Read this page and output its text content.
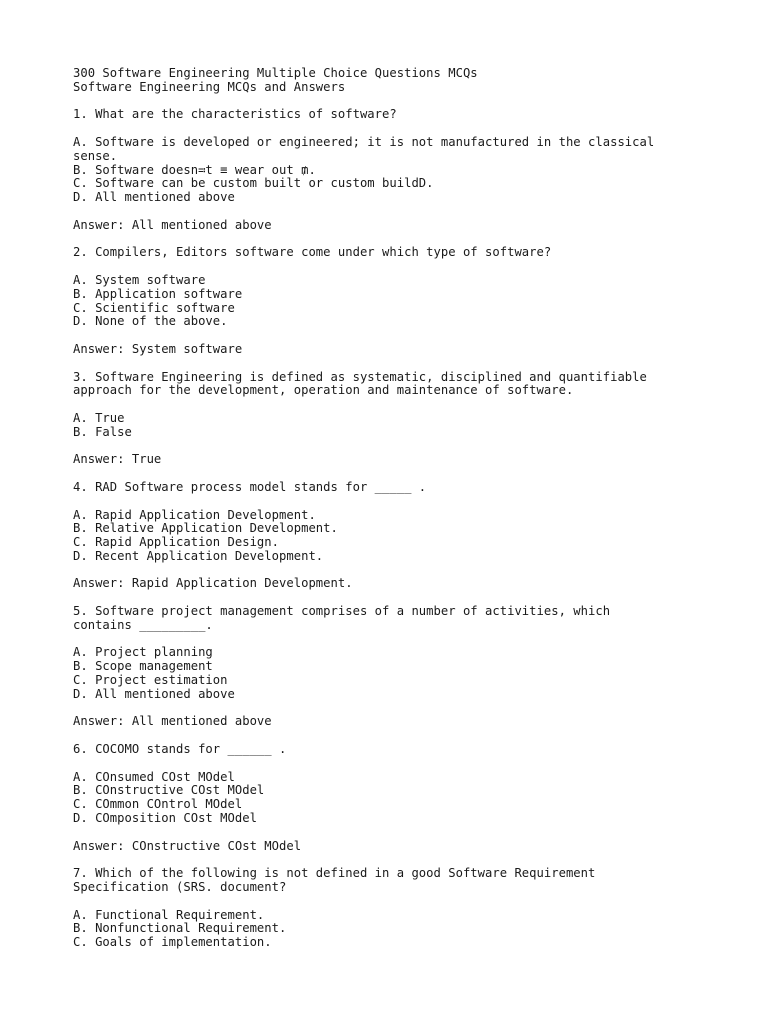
300 Software Engineering Multiple Choice Questions MCQs
Software Engineering MCQs and Answers
1. What are the characteristics of software?
A. Software is developed or engineered; it is not manufactured in the classical
sense.
B. Software doesn≕t ≡ wear out ₥.
C. Software can be custom built or custom buildD.
D. All mentioned above
Answer: All mentioned above
2. Compilers, Editors software come under which type of software?
A. System software
B. Application software
C. Scientific software
D. None of the above.
Answer: System software
3. Software Engineering is defined as systematic, disciplined and quantifiable
approach for the development, operation and maintenance of software.
A. True
B. False
Answer: True
4. RAD Software process model stands for _____ .
A. Rapid Application Development.
B. Relative Application Development.
C. Rapid Application Design.
D. Recent Application Development.
Answer: Rapid Application Development.
5. Software project management comprises of a number of activities, which
contains _________.
A. Project planning
B. Scope management
C. Project estimation
D. All mentioned above
Answer: All mentioned above
6. COCOMO stands for ______ .
A. COnsumed COst MOdel
B. COnstructive COst MOdel
C. COmmon COntrol MOdel
D. COmposition COst MOdel
Answer: COnstructive COst MOdel
7. Which of the following is not defined in a good Software Requirement
Specification (SRS. document?
A. Functional Requirement.
B. Nonfunctional Requirement.
C. Goals of implementation.
